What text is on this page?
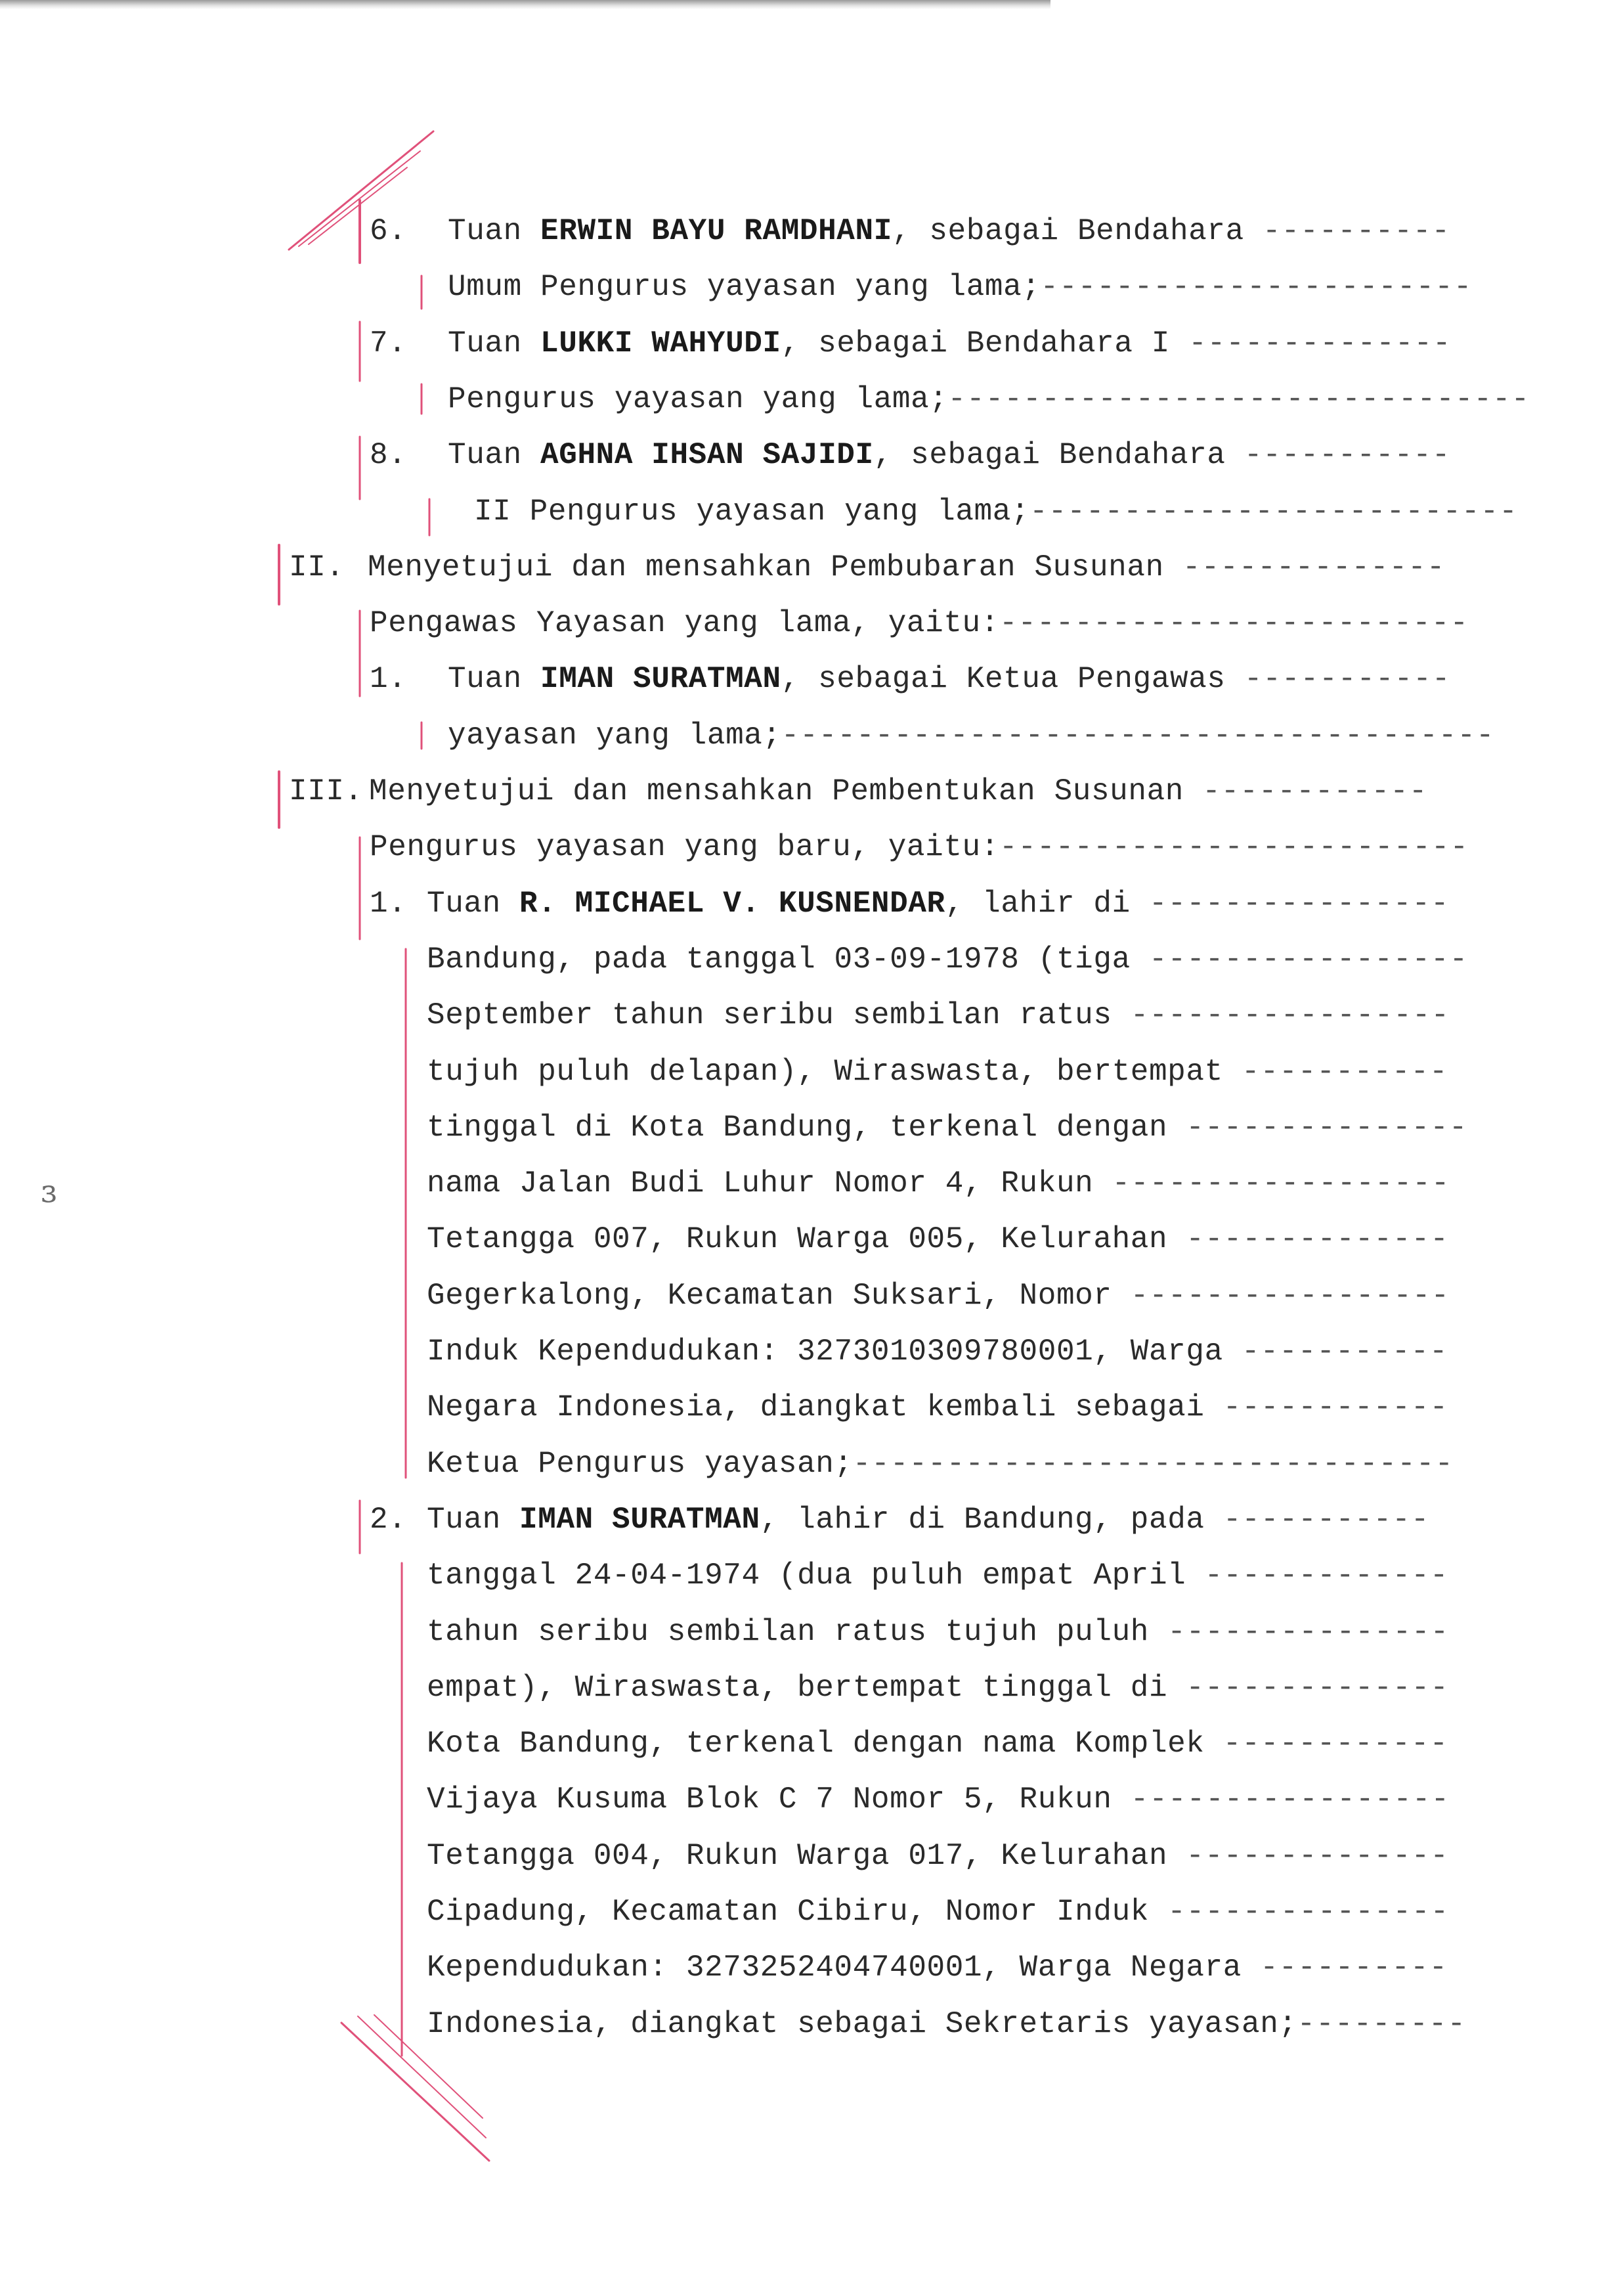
ɜ
6. Tuan ERWIN BAYU RAMDHANI, sebagai Bendahara ----------
Umum Pengurus yayasan yang lama;-----------------------
7. Tuan LUKKI WAHYUDI, sebagai Bendahara I --------------
Pengurus yayasan yang lama;-------------------------------
8. Tuan AGHNA IHSAN SAJIDI, sebagai Bendahara -----------
II Pengurus yayasan yang lama;--------------------------
II. Menyetujui dan mensahkan Pembubaran Susunan --------------
Pengawas Yayasan yang lama, yaitu:-------------------------
1. Tuan IMAN SURATMAN, sebagai Ketua Pengawas -----------
yayasan yang lama;--------------------------------------
III. Menyetujui dan mensahkan Pembentukan Susunan ------------
Pengurus yayasan yang baru, yaitu:-------------------------
1. Tuan R. MICHAEL V. KUSNENDAR, lahir di ----------------
Bandung, pada tanggal 03-09-1978 (tiga -----------------
September tahun seribu sembilan ratus -----------------
tujuh puluh delapan), Wiraswasta, bertempat -----------
tinggal di Kota Bandung, terkenal dengan ---------------
nama Jalan Budi Luhur Nomor 4, Rukun ------------------
Tetangga 007, Rukun Warga 005, Kelurahan --------------
Gegerkalong, Kecamatan Suksari, Nomor -----------------
Induk Kependudukan: 3273010309780001, Warga -----------
Negara Indonesia, diangkat kembali sebagai ------------
Ketua Pengurus yayasan;--------------------------------
2. Tuan IMAN SURATMAN, lahir di Bandung, pada -----------
tanggal 24-04-1974 (dua puluh empat April -------------
tahun seribu sembilan ratus tujuh puluh ---------------
empat), Wiraswasta, bertempat tinggal di --------------
Kota Bandung, terkenal dengan nama Komplek ------------
Vijaya Kusuma Blok C 7 Nomor 5, Rukun -----------------
Tetangga 004, Rukun Warga 017, Kelurahan --------------
Cipadung, Kecamatan Cibiru, Nomor Induk ---------------
Kependudukan: 3273252404740001, Warga Negara ----------
Indonesia, diangkat sebagai Sekretaris yayasan;---------
